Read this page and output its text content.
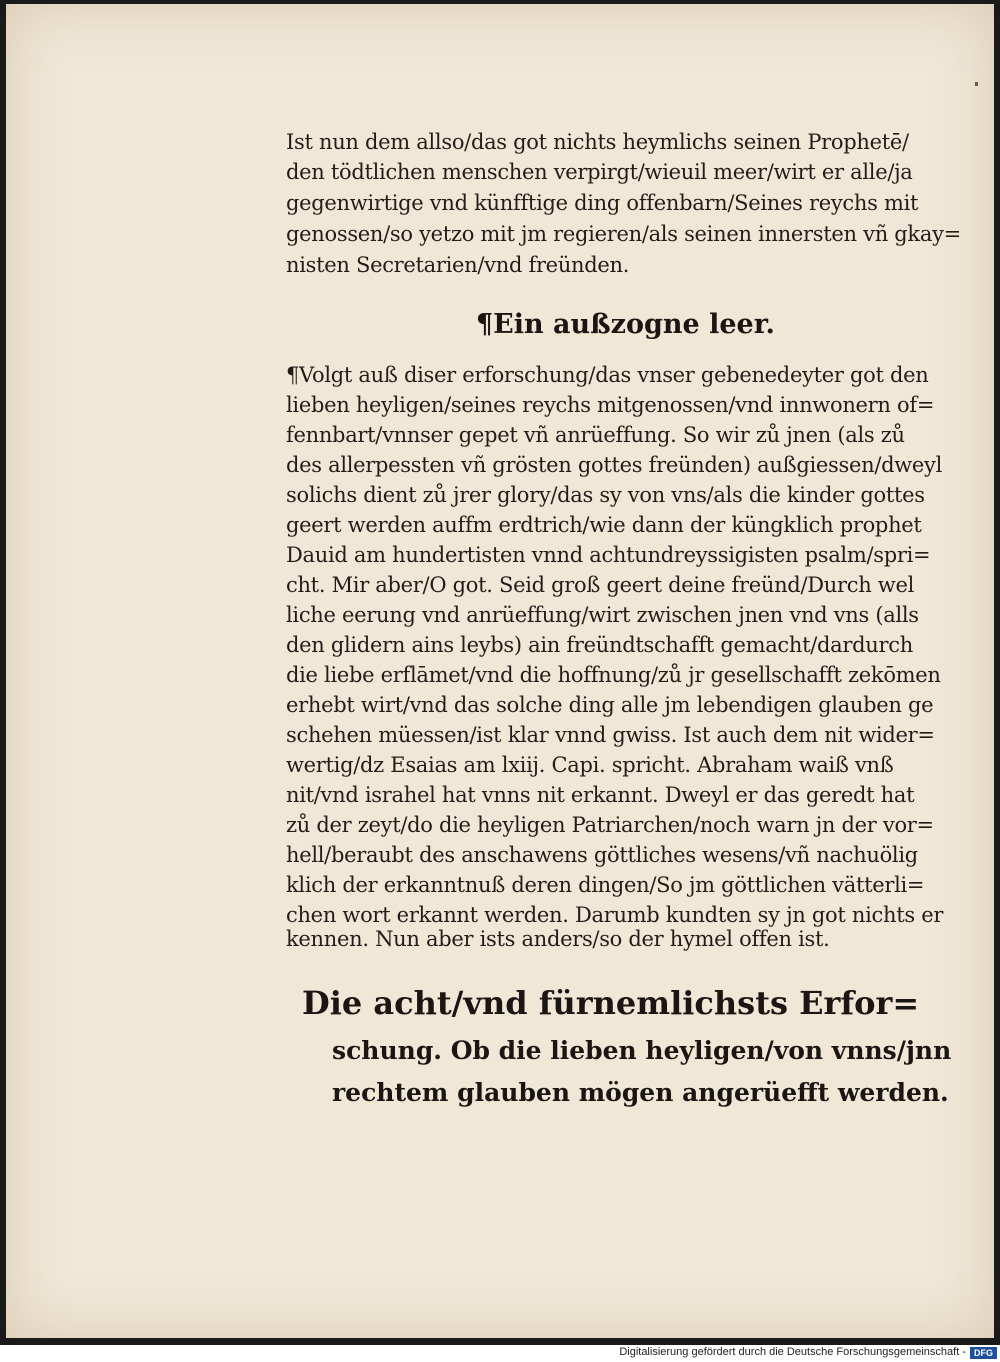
Ist nun dem allso/das got nichts heymlichs seinen Prophetē/

den tödtlichen menschen verpirgt/wieuil meer/wirt er alle/ja

gegenwirtige vnd künfftige ding offenbarn/Seines reychs mit

genossen/so yetzo mit jm regieren/als seinen innersten vñ gkay=

nisten Secretarien/vnd freünden.

¶Ein außzogne leer.

¶Volgt auß diser erforschung/das vnser gebenedeyter got den

lieben heyligen/seines reychs mitgenossen/vnd innwonern of=

fennbart/vnnser gepet vñ anrüeffung. So wir zů jnen (als zů

des allerpessten vñ grösten gottes freünden) außgiessen/dweyl

solichs dient zů jrer glory/das sy von vns/als die kinder gottes

geert werden auffm erdtrich/wie dann der küngklich prophet

Dauid am hundertisten vnnd achtundreyssigisten psalm/spri=

cht. Mir aber/O got. Seid groß geert deine freünd/Durch wel

liche eerung vnd anrüeffung/wirt zwischen jnen vnd vns (alls

den glidern ains leybs) ain freündtschafft gemacht/dardurch

die liebe erflāmet/vnd die hoffnung/zů jr gesellschafft zekōmen

erhebt wirt/vnd das solche ding alle jm lebendigen glauben ge

schehen müessen/ist klar vnnd gwiss. Ist auch dem nit wider=

wertig/dz Esaias am lxiij. Capi. spricht. Abraham waiß vnß

nit/vnd israhel hat vnns nit erkannt. Dweyl er das geredt hat

zů der zeyt/do die heyligen Patriarchen/noch warn jn der vor=

hell/beraubt des anschawens göttliches wesens/vñ nachuölig

klich der erkanntnuß deren dingen/So jm göttlichen vätterli=

chen wort erkannt werden. Darumb kundten sy jn got nichts er

kennen. Nun aber ists anders/so der hymel offen ist.

Die acht/vnd fürnemlichsts Erfor=
schung. Ob die lieben heyligen/von vnns/jnn
rechtem glauben mögen angerüefft werden.
Digitalisierung gefördert durch die Deutsche Forschungsgemeinschaft - DFG
